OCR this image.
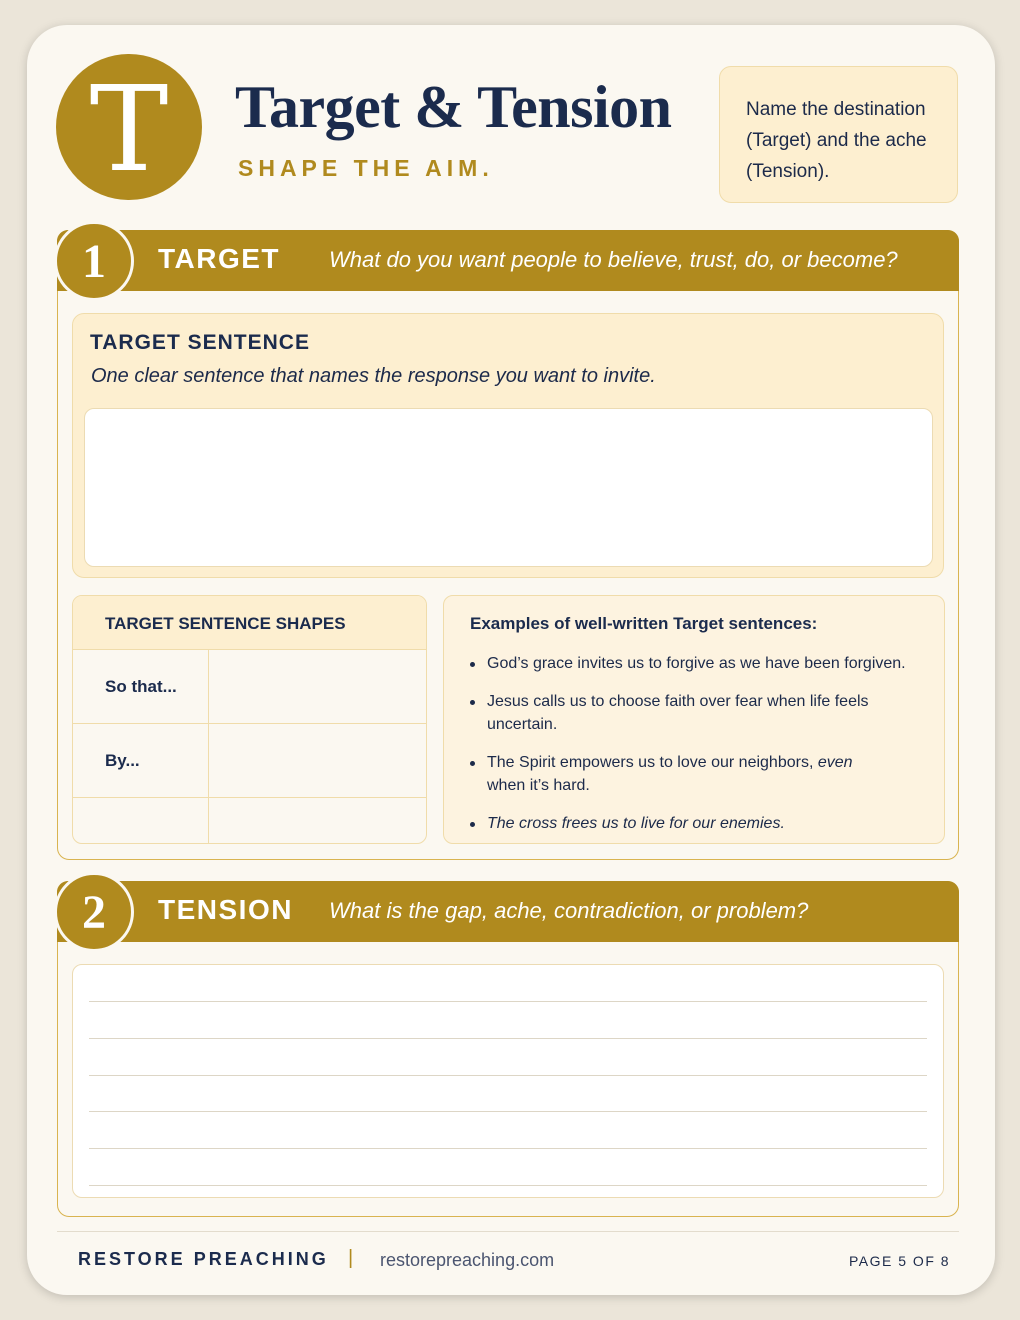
T Target & Tension
SHAPE THE AIM.
Name the destination (Target) and the ache (Tension).
TARGET What do you want people to believe, trust, do, or become?
1
TARGET SENTENCE
One clear sentence that names the response you want to invite.
TARGET SENTENCE SHAPES
So that...
By...
Examples of well-written Target sentences:
God’s grace invites us to forgive as we have been forgiven.
Jesus calls us to choose faith over fear when life feels uncertain.
The Spirit empowers us to love our neighbors, even
when it’s hard.
The cross frees us to live for our enemies.
TENSION What is the gap, ache, contradiction, or problem?
2
RESTORE PREACHING | restorepreaching.com	PAGE 5 OF 8
